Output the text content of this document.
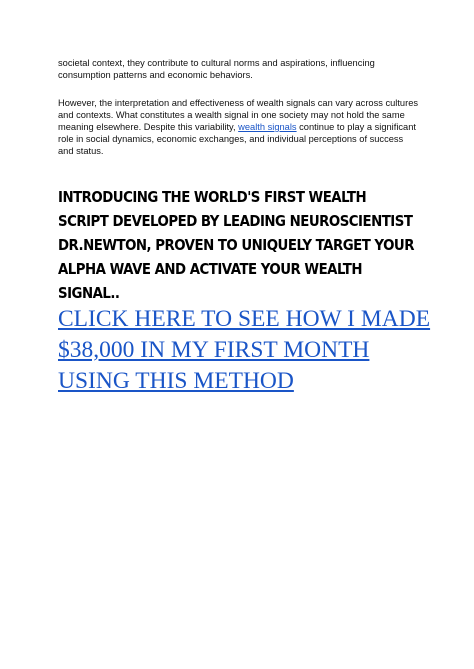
societal context, they contribute to cultural norms and aspirations, influencing consumption patterns and economic behaviors.

However, the interpretation and effectiveness of wealth signals can vary across cultures and contexts. What constitutes a wealth signal in one society may not hold the same meaning elsewhere. Despite this variability, wealth signals continue to play a significant role in social dynamics, economic exchanges, and individual perceptions of success and status.

INTRODUCING THE WORLD'S FIRST WEALTH SCRIPT DEVELOPED BY LEADING NEUROSCIENTIST DR.NEWTON, PROVEN TO UNIQUELY TARGET YOUR ALPHA WAVE AND ACTIVATE YOUR WEALTH SIGNAL..

CLICK HERE TO SEE HOW I MADE
$38,000 IN MY FIRST MONTH
USING THIS METHOD
